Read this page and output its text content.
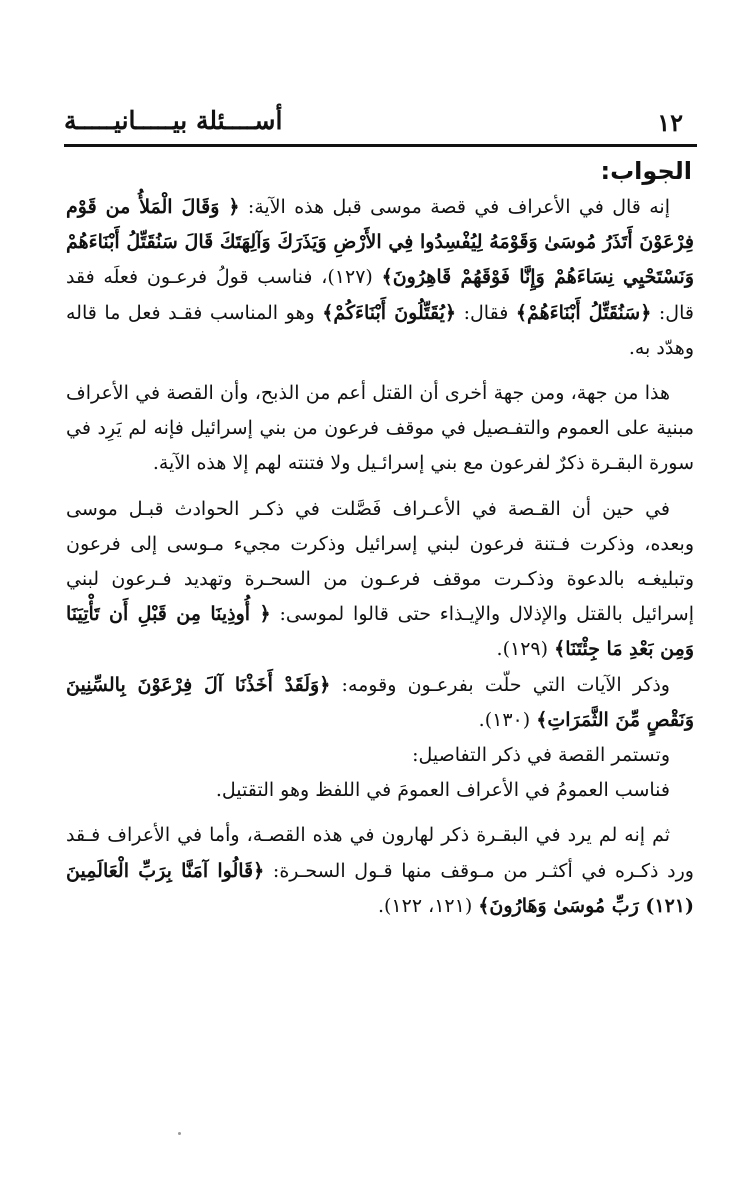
١٢
أســــئلة بيـــــانيـــــة
الجواب:

إنه قال في الأعراف في قصة موسى قبل هذه الآية: ﴿ وَقَالَ الْمَلأُ من قَوْم فِرْعَوْنَ أَتَذَرُ مُوسَىٰ وَقَوْمَهُ لِيُفْسِدُوا فِي الأَرْضِ وَيَذَرَكَ وَآلِهَتَكَ قَالَ سَنُقَتِّلُ أَبْنَاءَهُمْ وَنَسْتَحْيِي نِسَاءَهُمْ وَإِنَّا فَوْقَهُمْ قَاهِرُونَ﴾ (١٢٧)، فناسب قولُ فرعـون فعلَه فقد قال: ﴿سَنُقَتِّلُ أَبْنَاءَهُمْ﴾ فقال: ﴿يُقَتِّلُونَ أَبْنَاءَكُمْ﴾ وهو المناسب فقـد فعل ما قاله وهدّد به.

هذا من جهة، ومن جهة أخرى أن القتل أعم من الذبح، وأن القصة في الأعراف مبنية على العموم والتفـصيل في موقف فرعون من بني إسرائيل فإنه لم يَرِد في سورة البقـرة ذكرٌ لفرعون مع بني إسرائـيل ولا فتنته لهم إلا هذه الآية.

في حين أن القـصة في الأعـراف فَصَّلت في ذكـر الحوادث قبـل موسى وبعده، وذكرت فـتنة فرعون لبني إسرائيل وذكرت مجيء مـوسى إلى فرعون وتبليغـه بالدعوة وذكـرت موقف فرعـون من السحـرة وتهديد فـرعون لبني إسرائيل بالقتل والإذلال والإيـذاء حتى قالوا لموسى: ﴿ أُوذِينَا مِن قَبْلِ أَن تَأْتِيَنَا وَمِن بَعْدِ مَا جِئْتَنَا﴾ (١٢٩).

وذكر الآيات التي حلّت بفرعـون وقومه: ﴿وَلَقَدْ أَخَذْنَا آلَ فِرْعَوْنَ بِالسِّنِينَ وَنَقْصٍ مِّنَ الثَّمَرَاتِ﴾ (١٣٠).

وتستمر القصة في ذكر التفاصيل:

فناسب العمومُ في الأعراف العمومَ في اللفظ وهو التقتيل.

ثم إنه لم يرد في البقـرة ذكر لهارون في هذه القصـة، وأما في الأعراف فـقد ورد ذكـره في أكثـر من مـوقف منها قـول السحـرة: ﴿قَالُوا آمَنَّا بِرَبِّ الْعَالَمِينَ (١٢١) رَبِّ مُوسَىٰ وَهَارُونَ﴾ (١٢١، ١٢٢).
